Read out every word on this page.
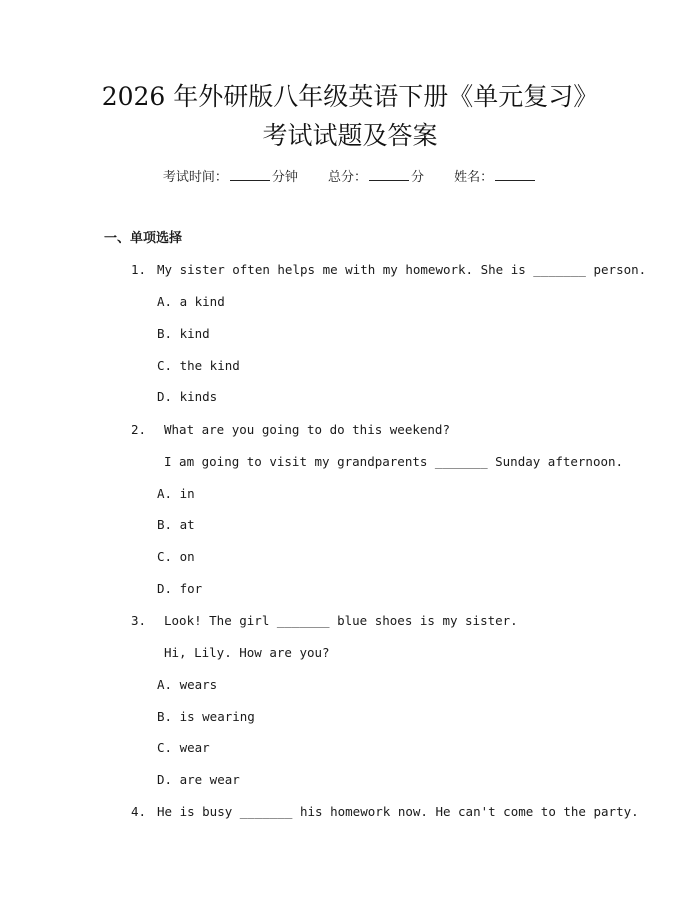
2026 年外研版八年级英语下册《单元复习》
考试试题及答案
考试时间：	分钟 总分：	分 姓名：
一、单项选择
1. My sister often helps me with my homework. She is _______ person.
A. a kind
B. kind
C. the kind
D. kinds
2. What are you going to do this weekend?
I am going to visit my grandparents _______ Sunday afternoon.
A. in
B. at
C. on
D. for
3. Look! The girl _______ blue shoes is my sister.
Hi, Lily. How are you?
A. wears
B. is wearing
C. wear
D. are wear
4. He is busy _______ his homework now. He can't come to the party.
